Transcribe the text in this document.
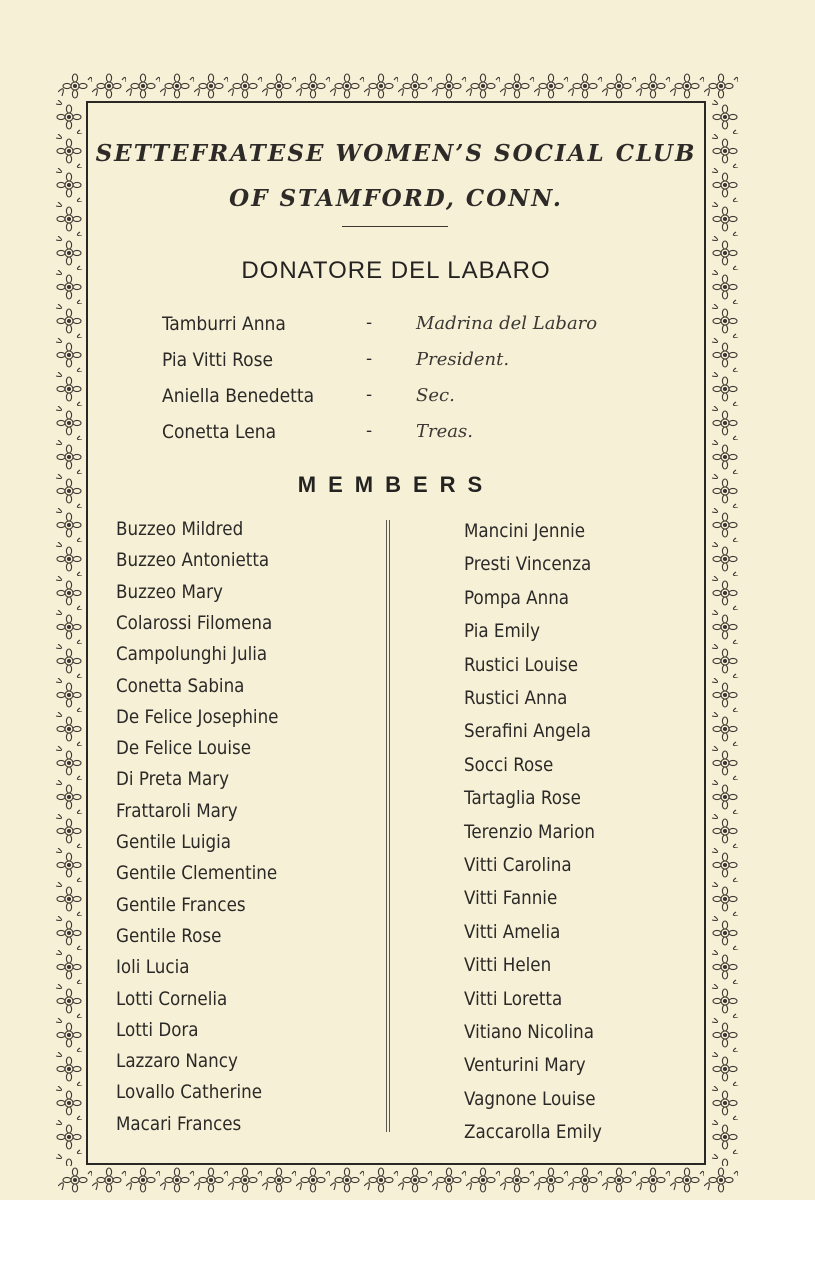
SETTEFRATESE WOMEN’S SOCIAL CLUB
OF STAMFORD, CONN.
DONATORE DEL LABARO
Tamburri Anna	- Madrina del Labaro
Pia Vitti Rose	- President.
Aniella Benedetta	- Sec.
Conetta Lena	- Treas.
MEMBERS
Buzzeo Mildred
Buzzeo Antonietta
Buzzeo Mary
Colarossi Filomena
Campolunghi Julia
Conetta Sabina
De Felice Josephine
De Felice Louise
Di Preta Mary
Frattaroli Mary
Gentile Luigia
Gentile Clementine
Gentile Frances
Gentile Rose
Ioli Lucia
Lotti Cornelia
Lotti Dora
Lazzaro Nancy
Lovallo Catherine
Macari Frances
Mancini Jennie
Presti Vincenza
Pompa Anna
Pia Emily
Rustici Louise
Rustici Anna
Serafini Angela
Socci Rose
Tartaglia Rose
Terenzio Marion
Vitti Carolina
Vitti Fannie
Vitti Amelia
Vitti Helen
Vitti Loretta
Vitiano Nicolina
Venturini Mary
Vagnone Louise
Zaccarolla Emily
